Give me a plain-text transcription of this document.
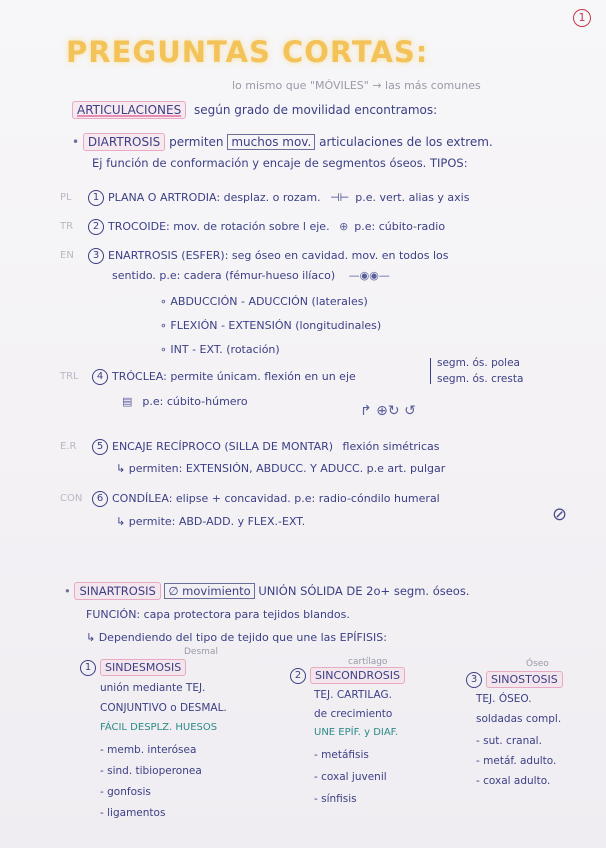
1
PREGUNTAS CORTAS:
lo mismo que "MÓVILES" → las más comunes
ARTICULACIONES según grado de movilidad encontramos:
• DIARTROSIS permiten muchos mov. articulaciones de los extrem.
Ej función de conformación y encaje de segmentos óseos. TIPOS:
PL	1 PLANA O ARTRODIA: desplaz. o rozam. ⊣⊢ p.e. vert. alias y axis
TR	2 TROCOIDE: mov. de rotación sobre l eje. ⊕ p.e: cúbito-radio
EN	3 ENARTROSIS (ESFER): seg óseo en cavidad. mov. en todos los
sentido. p.e: cadera (fémur-hueso ilíaco) —◉◉—
∘ ABDUCCIÓN - ADUCCIÓN (laterales)
∘ FLEXIÓN - EXTENSIÓN (longitudinales)
∘ INT - EXT. (rotación)
TRL	4 TRÓCLEA: permite únicam. flexión en un eje
segm. ós. polea
segm. ós. cresta
▤ p.e: cúbito-húmero
↱ ⊕↻ ↺
E.R	5 ENCAJE RECÍPROCO (SILLA DE MONTAR) flexión simétricas
↳ permiten: EXTENSIÓN, ABDUCC. Y ADUCC. p.e art. pulgar
CON	6 CONDÍLEA: elipse + concavidad. p.e: radio-cóndilo humeral
↳ permite: ABD-ADD. y FLEX.-EXT.	⊘
• SINARTROSIS ∅ movimiento UNIÓN SÓLIDA DE 2o+ segm. óseos.
FUNCIÓN: capa protectora para tejidos blandos.
↳ Dependiendo del tipo de tejido que une las EPÍFISIS:
Desmal
1 SINDESMOSIS
unión mediante TEJ.
CONJUNTIVO o DESMAL.
FÁCIL DESPLZ. HUESOS
- memb. interósea
- sind. tibioperonea
- gonfosis
- ligamentos
cartílago
2 SINCONDROSIS
TEJ. CARTILAG.
de crecimiento
UNE EPÍF. y DIAF.
- metáfisis
- coxal juvenil
- sínfisis
Óseo
3 SINOSTOSIS
TEJ. ÓSEO.
soldadas compl.
- sut. cranal.
- metáf. adulto.
- coxal adulto.
